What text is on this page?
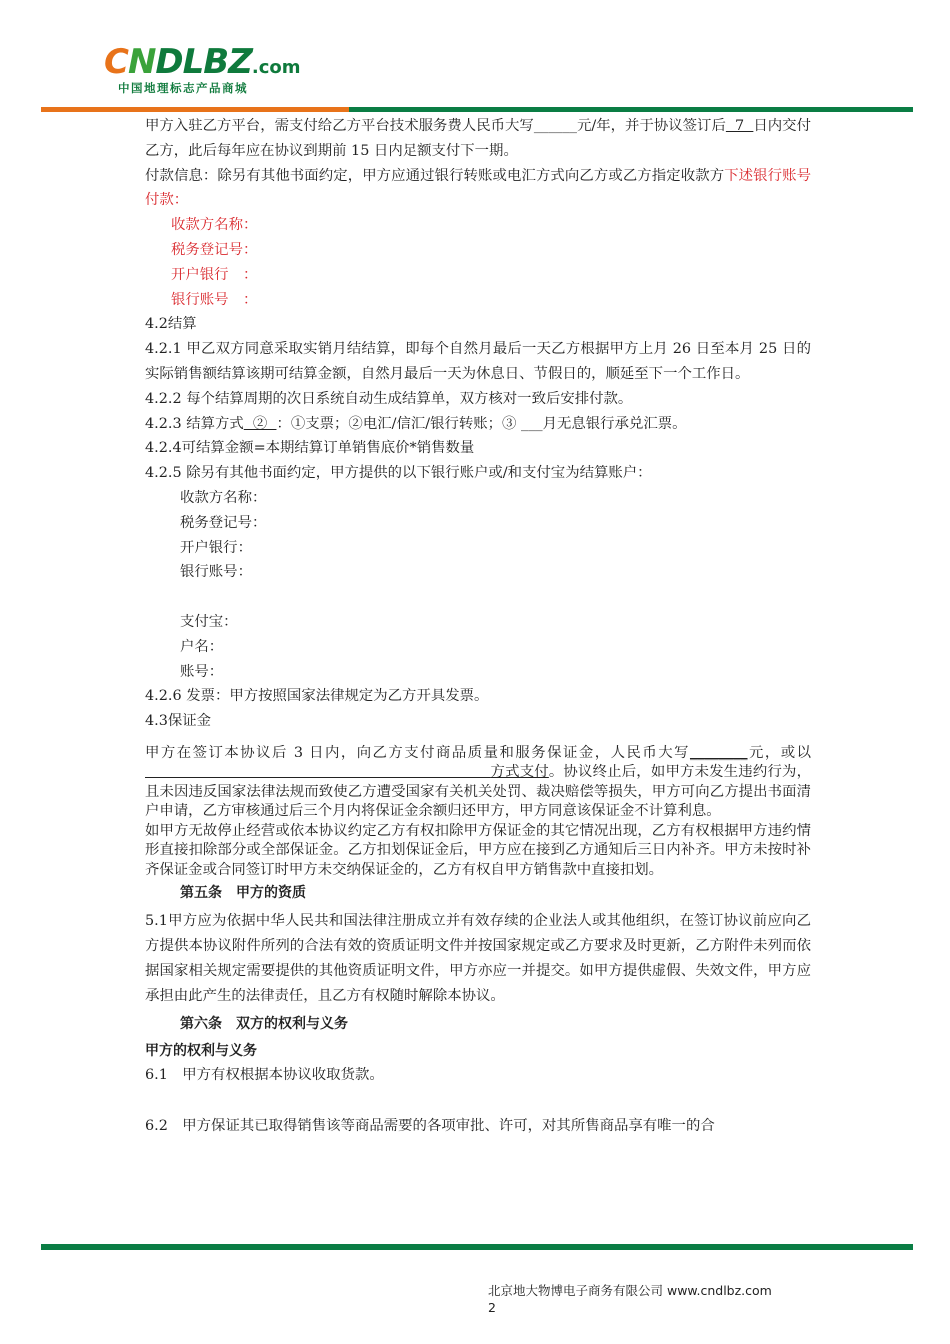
CNDLBZ.com
中国地理标志产品商城

甲方入驻乙方平台，需支付给乙方平台技术服务费人民币大写______元/年，并于协议签订后  7  日内交付乙方，此后每年应在协议到期前 15 日内足额支付下一期。

付款信息：除另有其他书面约定，甲方应通过银行转账或电汇方式向乙方或乙方指定收款方下述银行账号付款：

收款方名称：

税务登记号：

开户银行　：

银行账号　：

4.2结算

4.2.1 甲乙双方同意采取实销月结结算，即每个自然月最后一天乙方根据甲方上月 26 日至本月 25 日的实际销售额结算该期可结算金额，自然月最后一天为休息日、节假日的，顺延至下一个工作日。

4.2.2 每个结算周期的次日系统自动生成结算单，双方核对一致后安排付款。

4.2.3 结算方式  ②  ：①支票；②电汇/信汇/银行转账；③ ___月无息银行承兑汇票。

4.2.4可结算金额=本期结算订单销售底价*销售数量

4.2.5 除另有其他书面约定，甲方提供的以下银行账户或/和支付宝为结算账户：

收款方名称：

税务登记号：

开户银行：

银行账号：

支付宝：

户名：

账号：

4.2.6 发票：甲方按照国家法律规定为乙方开具发票。

4.3保证金

甲方在签订本协议后 3 日内，向乙方支付商品质量和服务保证金，人民币大写________元，或以方式支付。协议终止后，如甲方未发生违约行为，且未因违反国家法律法规而致使乙方遭受国家有关机关处罚、裁决赔偿等损失，甲方可向乙方提出书面清户申请，乙方审核通过后三个月内将保证金余额归还甲方，甲方同意该保证金不计算利息。

如甲方无故停止经营或依本协议约定乙方有权扣除甲方保证金的其它情况出现，乙方有权根据甲方违约情形直接扣除部分或全部保证金。乙方扣划保证金后，甲方应在接到乙方通知后三日内补齐。甲方未按时补齐保证金或合同签订时甲方未交纳保证金的，乙方有权自甲方销售款中直接扣划。

第五条　甲方的资质

5.1甲方应为依据中华人民共和国法律注册成立并有效存续的企业法人或其他组织，在签订协议前应向乙方提供本协议附件所列的合法有效的资质证明文件并按国家规定或乙方要求及时更新，乙方附件未列而依据国家相关规定需要提供的其他资质证明文件，甲方亦应一并提交。如甲方提供虚假、失效文件，甲方应承担由此产生的法律责任，且乙方有权随时解除本协议。

第六条　双方的权利与义务

甲方的权利与义务

6.1　甲方有权根据本协议收取货款。

6.2　甲方保证其已取得销售该等商品需要的各项审批、许可，对其所售商品享有唯一的合

北京地大物博电子商务有限公司 www.cndlbz.com
2
